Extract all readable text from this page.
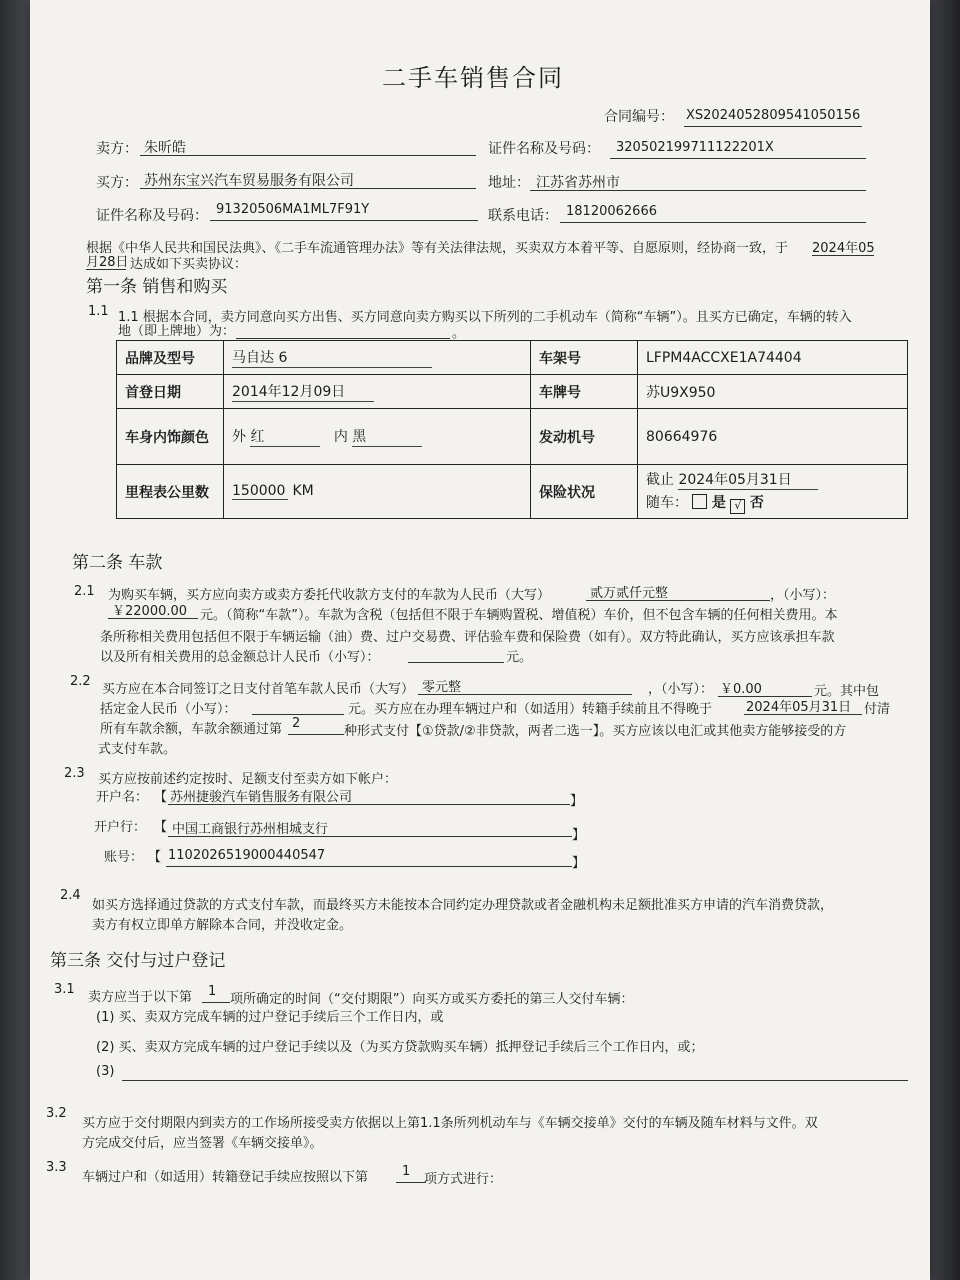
二手车销售合同
合同编号： XS2024052809541050156
卖方： 朱昕皓	证件名称及号码：	320502199711122201X
买方： 苏州东宝兴汽车贸易服务有限公司	地址： 江苏省苏州市
证件名称及号码： 91320506MA1ML7F91Y	联系电话： 18120062666
根据《中华人民共和国民法典》、《二手车流通管理办法》等有关法律法规，买卖双方本着平等、自愿原则，经协商一致，于 2024年05
月28日 达成如下买卖协议：
第一条 销售和购买
1.1 1.1 根据本合同，卖方同意向买方出售、买方同意向卖方购买以下所列的二手机动车（简称“车辆”）。且买方已确定，车辆的转入
地（即上牌地）为：	。
品牌及型号	马自达 6	车架号	LFPM4ACCXE1A74404
首登日期	2014年12月09日	车牌号	苏U9X950
车身内饰颜色	外 红 内 黑	发动机号	80664976
里程表公里数	150000 KM	保险状况	截止 2024年05月31日
随车： 是 √ 否
第二条 车款
2.1 为购买车辆，买方应向卖方或卖方委托代收款方支付的车款为人民币（大写）	贰万贰仟元整	，（小写）：
￥22000.00 元。（简称“车款”）。车款为含税（包括但不限于车辆购置税、增值税）车价，但不包含车辆的任何相关费用。本
条所称相关费用包括但不限于车辆运输（油）费、过户交易费、评估验车费和保险费（如有）。双方特此确认，买方应该承担车款
以及所有相关费用的总金额总计人民币（小写）：	元。
2.2
买方应在本合同签订之日支付首笔车款人民币（大写） 零元整	，（小写）： ￥0.00	元。其中包
括定金人民币（小写）：	元。买方应在办理车辆过户和（如适用）转籍手续前且不得晚于	2024年05月31日 付清
所有车款余额，车款余额通过第 2
种形式支付【①贷款/②非贷款，两者二选一】。买方应该以电汇或其他卖方能够接受的方
式支付车款。
2.3 买方应按前述约定按时、足额支付至卖方如下帐户：
开户名： 【 苏州捷骏汽车销售服务有限公司	】
开户行： 【 中国工商银行苏州相城支行	】
账号： 【 1102026519000440547
】
2.4
如买方选择通过贷款的方式支付车款，而最终买方未能按本合同约定办理贷款或者金融机构未足额批准买方申请的汽车消费贷款，
卖方有权立即单方解除本合同，并没收定金。
第三条 交付与过户登记
3.1
卖方应当于以下第	1
项所确定的时间（“交付期限”）向买方或买方委托的第三人交付车辆：
(1) 买、卖双方完成车辆的过户登记手续后三个工作日内，或
(2) 买、卖双方完成车辆的过户登记手续以及（为买方贷款购买车辆）抵押登记手续后三个工作日内，或；
(3)
3.2
买方应于交付期限内到卖方的工作场所接受卖方依据以上第1.1条所列机动车与《车辆交接单》交付的车辆及随车材料与文件。双
方完成交付后，应当签署《车辆交接单》。
3.3
车辆过户和（如适用）转籍登记手续应按照以下第	1
项方式进行：
